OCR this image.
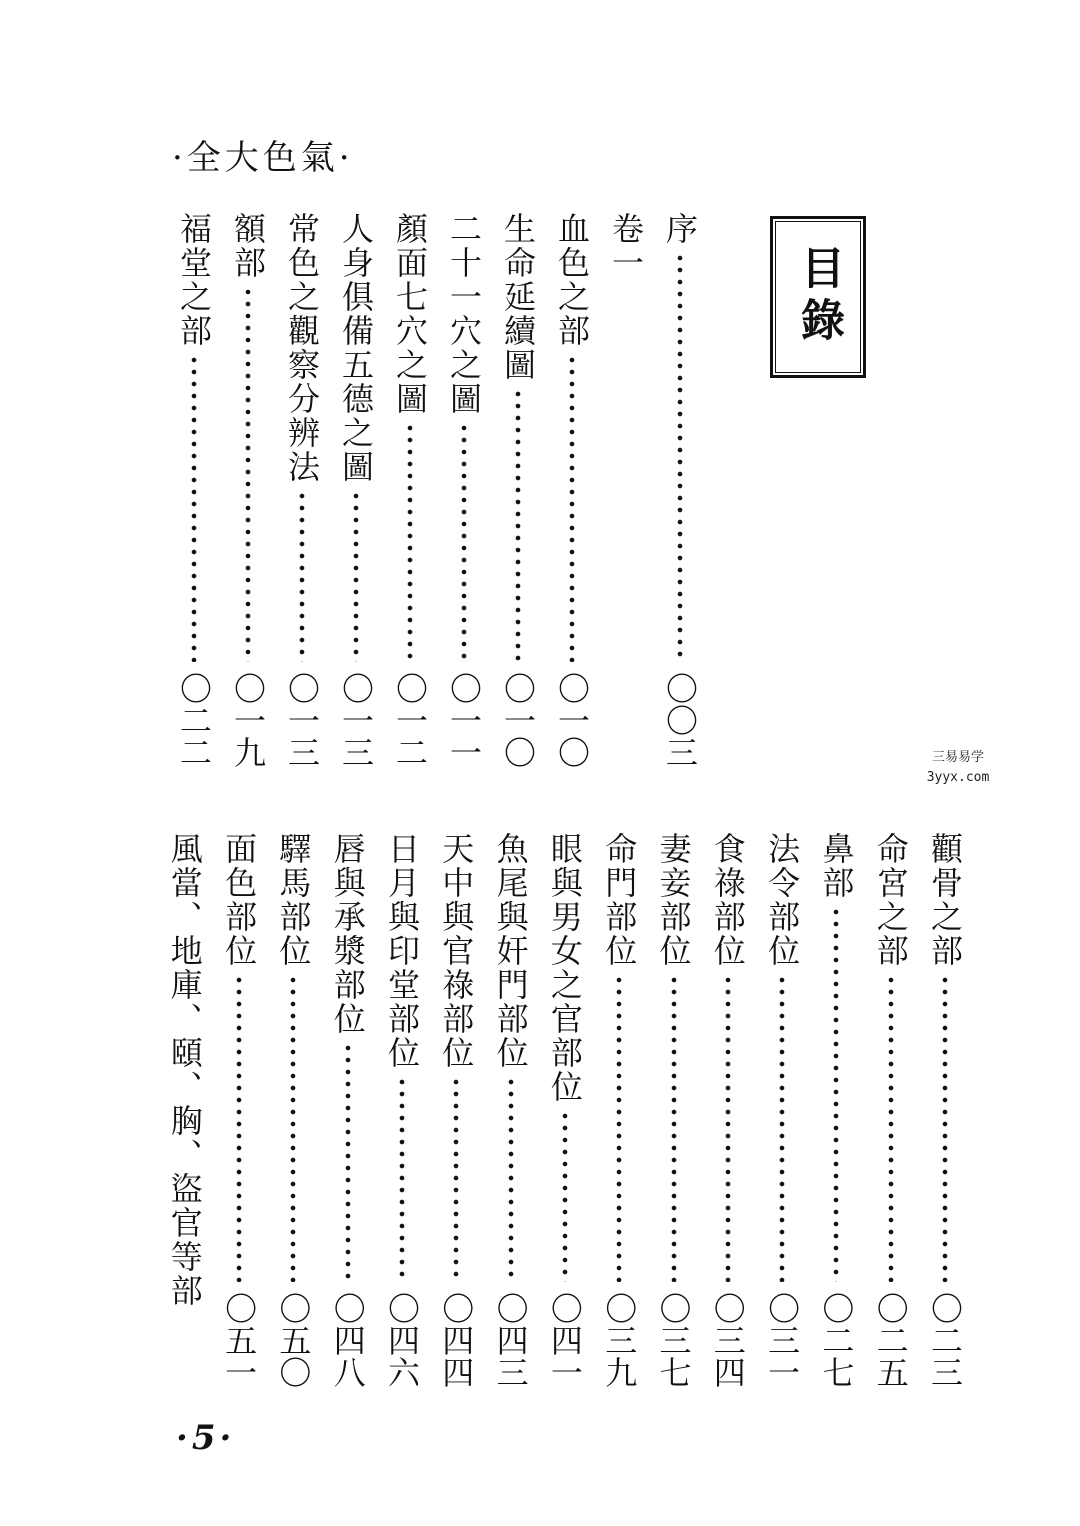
·全大色氣·
目錄
序
〇〇三
卷一
血色之部
〇一〇
生命延續圖
〇一〇
二十一穴之圖
〇一一
顏面七穴之圖
〇一二
人身俱備五德之圖
〇一三
常色之觀察分辨法
〇一三
額部
〇一九
福堂之部
〇二二
顴骨之部
〇二三
命宮之部
〇二五
鼻部
〇二七
法令部位
〇三一
食祿部位
〇三四
妻妾部位
〇三七
命門部位
〇三九
眼與男女之官部位
〇四一
魚尾與奸門部位
〇四三
天中與官祿部位
〇四四
日月與印堂部位
〇四六
唇與承漿部位
〇四八
驛馬部位
〇五〇
面色部位
〇五一
風當、地庫、頤、胸、盜官等部
三易易学
3yyx.com
·5·
